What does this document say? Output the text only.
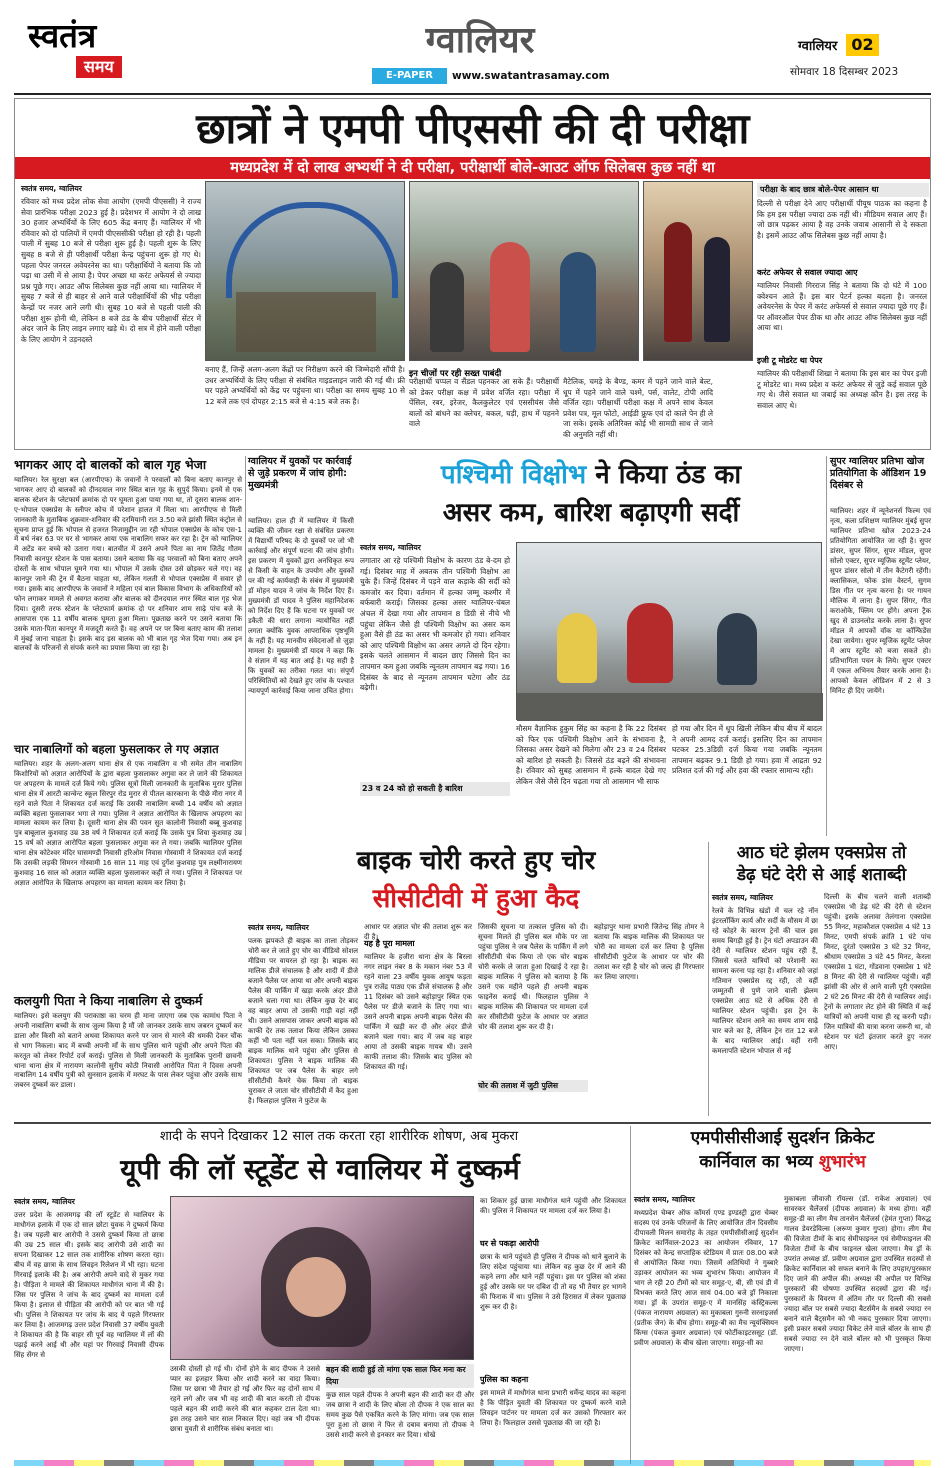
स्वतंत्र
समय
ग्वालियर
E-PAPER	www.swatantrasamay.com
ग्वालियर 02
सोमवार 18 दिसम्बर 2023
छात्रों ने एमपी पीएससी की दी परीक्षा
मध्यप्रदेश में दो लाख अभ्यर्थी ने दी परीक्षा, परीक्षार्थी बोले-आउट ऑफ सिलेबस कुछ नहीं था
स्वतंत्र समय, ग्वालियर
रविवार को मध्य प्रदेश लोक सेवा आयोग (एमपी पीएससी) ने राज्य सेवा प्रारंभिक परीक्षा 2023 हुई है। प्रदेशभर में आयोग ने दो लाख 30 हजार अभ्यर्थियों के लिए 605 केंद्र बनाए हैं। ग्वालियर में भी रविवार को दो पालियों में एमपी पीएससीकी परीक्षा हो रही है। पहली पाली में सुबह 10 बजे से परीक्षा शुरू हुई है। पहली शुरू के लिए सुबह 8 बजे से ही परीक्षार्थी परीक्षा केन्द्र पहुंचना शुरू हो गए थे। पहला पेपर जनरल अवेयरनेस का था। परीक्षार्थियों ने बताया कि जो पढ़ा था उसी में से आया है। पेपर अच्छा था करंट अफेयर्स से ज्यादा प्रश्न पूछे गए। आउट ऑफ सिलेबस कुछ नहीं आया था। ग्वालियर में सुबह 7 बजे से ही बाहर से आने वाले परीक्षार्थियों की भीड़ परीक्षा केन्द्रों पर नजर आने लगी थी। सुबह 10 बजे से पहली पाली की परीक्षा शुरू होनी थी, लेकिन 8 बजे ठंड के बीच परीक्षार्थी सेंटर में अंदर जाने के लिए लाइन लगाए खड़े थे। दो सत्र में होने वाली परीक्षा के लिए आयोग ने उड़नदस्ते
बनाए हैं, जिन्हें अलग-अलग केंद्रों पर निरीक्षण करने की जिम्मेदारी सौंपी है। उधर अभ्यर्थियों के लिए परीक्षा से संबंधित गाइडलाइन जारी की गई थी। फ्री घर पहले अभ्यर्थियों को केंद्र पर पहुंचना था। परीक्षा का समय सुबह 10 से 12 बजे तक एवं दोपहर 2:15 बजे से 4:15 बजे तक है।
इन चीजों पर रही सख्त पाबंदी
परीक्षार्थी चप्पल व सैंडल पहनकर आ सके हैं। परीक्षार्थी को डेकर परीक्षा कक्ष में प्रवेश वर्जित रहा। परीक्षा में पेंसिल, रबर, इरेजर, कैलकुलेटर एवं एससीयंस जैसे बालों को बांधने का क्लेचर, बकल, घड़ी, हाथ में पहनने वाले
मैटेलिक, चमड़े के बैण्ड, कमर में पहने जाने वाले बेल्ट, धूप में पहने जाने वाले चश्मे, पर्स, वालेट, टोपी आदि वर्जित रहा। परीक्षार्थी परीक्षा कक्ष में अपने साथ केवल प्रवेश पत्र, मूल फोटो, आईडी फ़्रूफ एवं दो काले पेन ही ले जा सके। इसके अतिरिक्त कोई भी सामग्री साथ ले जाने की अनुमति नहीं थी।
परीक्षा के बाद छात्र बोले-पेपर आसान था
दिल्ली से परीक्षा देने आए परीक्षार्थी पीयूष पाठक का कहना है कि हम इस परीक्षा ज्यादा ठक नहीं थी। मीडियम सवाल आए हैं। जो छात्र पढ़कर आया है वह उनके जवाब आसानी से दे सकता है। इसमें आउट ऑफ सिलेबस कुछ नहीं आया है।
करंट अफेयर से सवाल ज्यादा आए
ग्वालियर निवासी गिरराज सिंह ने बताया कि दो घंटे में 100 क्वेश्चन आते हैं। इस बार पेटर्न हल्का बदला है। जनरल अवेयरनेस के पेपर में करंट अफेयर्स से सवाल ज्यादा पूछे गए हैं। पर ऑवरऑल पेपर ठीक था और आउट ऑफ सिलेबस कुछ नहीं आया था।
इजी टू मोडरेट था पेपर
ग्वालियर की परीक्षार्थी शिखा ने बताया कि इस बार का पेपर इजी टू मोडरेट था। मध्य प्रदेश व करंट अफेयर से जुड़े कई सवाल पूछे गए थे। जैसे सवाल था जबाई का अध्यक्ष कौन है। इस तरह के सवाल आए थे।
भागकर आए दो बालकों को बाल गृह भेजा
ग्वालियर। रेल सुरक्षा बल (आरपीएफ) के जवानों ने परवालों को बिना बताए कानपुर से भागकर आए दो बालकों को दीनदयाल नगर स्थित बाल गृह के सुपुर्द किया। इनमें से एक बालक स्टेशन के प्लेटफार्म क्रमांक दो पर घूमता हुआ पाया गया था, तो दूसरा बालक शान-ए-भोपाल एक्सप्रेस के स्लीपर कोच में परेशान हालत में मिला था। आरपीएफ से मिली जानकारी के मुताबिक शुक्रवार-शनिवार की दरमियानी रात 3.50 बजे झांसी स्थित कंट्रोल से सूचना प्राप्त हुई कि भोपाल से हजरत निजामुद्दीन जा रही भोपाल एक्सप्रेस के कोच एस-1 में बर्थ नंबर 63 पर घर से भागकर आया एक नाबालिग सफर कर रहा है। ट्रेन को ग्वालियर में अटेंड कर बच्चे को उतारा गया। बातचीत में उसने अपने पिता का नाम जितेंद्र गौतम निवासी कानपुर स्टेशन के पास बताया। उसने बताया कि वह परवालों को बिना बताए अपने दोस्तों के साथ भोपाल घूमने गया था। भोपाल में उसके दोस्त उसे छोड़कर चले गए। वह कानपुर जाने की ट्रेन में बैठना चाहता था, लेकिन गलती से भोपाल एक्सप्रेस में सवार हो गया। इसके बाद आरपीएफ के जवानों ने महिला एवं बाल विकास विभाग के अधिकारियों को फोन लगाकर मामले से अवगत कराया और बालक को दीनदयाल नगर स्थित बाल गृह भेज दिया। दूसरी तरफ स्टेशन के प्लेटफार्म क्रमांक दो पर शनिवार शाम साढ़े पांच बजे के आसपास एक 11 वर्षीय बालक घूमता हुआ मिला। पूछताछ करने पर उसने बताया कि उसके माता-पिता कानपुर में मजदूरी करते हैं। वह अपने पर पर बिना बताए काम की तलाश में मुंबई जाना चाहता है। इसके बाद इस बालक को भी बाल गृह भेज दिया गया। अब इन बालकों के परिजनों से संपर्क करने का प्रयास किया जा रहा है।
चार नाबालिगों को बहला फुसलाकर ले गए अज्ञात
ग्वालियर। शहर के अलग-अलग थाना क्षेत्र से एक नाबालिग व भी समेत तीन नाबालिग किशोरियों को अज्ञात आरोपियों के द्वारा बहला फुसलाकर अगुवा कर ले जाने की शिकायत पर अपहरण के मामले दर्ज किये गये। पुलिस सूत्रों मिली जानकारी के मुताबिक मुरार पुलिस थाना क्षेत्र में आरटी कान्वेन्ट स्कूल सिरपुर रोड मुरार से पीतल कारकाना के पीछे मीरा नगर में रहने वाले पिता ने शिकायत दर्ज कराई कि उसकी नाबालिग बच्ची 14 वर्षीय को अज्ञात व्यक्ति बहला फुसलाकर भगा ले गया। पुलिस ने अज्ञात आरोपित के खिलाफ अपहरण का मामला कायम कर लिया है। दूसरी थाना क्षेत्र की पवन सुत कालोनी निवासी बब्बू कुशवाह पुत्र बाबूलाल कुशवाह उम्र 38 वर्ष ने शिकायत दर्ज कराई कि उसके पुत्र शिवा कुशवाह उम्र 15 वर्ष को अज्ञात आरोपित बहला फुसलाकर अगुवा कर ले गया। जबकि ग्वालियर पुलिस थाना क्षेत्र कोटेश्वर मंदिर घासमण्डी निवासी हरिओम निवास गोस्वामी ने शिकायत दर्ज कराई कि उसकी लड़की सिमरन गोस्वामी 16 साल 11 माह एवं दुर्गेश कुशवाह पुत्र लक्ष्मीनारायण कुशवाह 16 साल को अज्ञात व्यक्ति बहला फुसलाकर कहीं ले गया। पुलिस ने शिकायत पर अज्ञात आरोपित के खिलाफ अपहरण का मामला कायम कर लिया है।
कलयुगी पिता ने किया नाबालिग से दुष्कर्म
ग्वालियर। इसे कलयुग की पराकाष्ठा का चरम ही माना जाएगा जब एक कामांध पिता ने अपनी नाबालिग बच्ची के साथ जुल्म किया है मौं जो जानकर उसके साथ जबरन दुष्कर्म कर डाला और किसी को बताने अथवा शिकायत करने पर जान से मारने की धमकी देकर चौंक से भाग निकला। बाद में बच्ची अपनी माँ के साथ पुलिस थाने पहुंची और अपने पिता की करतूत को लेकर रिपोर्ट दर्ज कराई। पुलिस से मिली जानकारी के मुताबिक पुरानी छावनी थाना थाना क्षेत्र में नारायण कालोनी सुरीय कोठी निवासी आरोपित पिता ने दिवस अपनी नाबालिग 14 वर्षीय पुत्री को सुनसान इलाके में मरघट के पास लेकर पहुंचा और उसके साथ जबरन दुष्कर्म कर डाला।
ग्वालियर में युवकों पर कार्रवाई से जुड़े प्रकरण में जांच होगी: मुख्यमंत्री
ग्वालियर। हाल ही में ग्वालियर में किसी व्यक्ति की जीवन रक्षा से संबंधित प्रकरण में विद्यार्थी परिषद के दो युवकों पर जो भी कार्रवाई और संपूर्ण घटना की जांच होगी। इस प्रकरण में युवकों द्वारा अनधिकृत रूप से किसी के वाहन के उपयोग और युवकों पर की गई कार्यवाही के संबंध में मुख्यमंत्री डॉ मोहन यादव ने जांच के निर्देश दिए हैं। मुख्यमंत्री डॉ यादव ने पुलिस महानिदेशक को निर्देश दिए हैं कि घटना पर युवकों पर डकैती की धारा लगाना न्यायोचित नहीं लगता क्योंकि युवक आपराधिक पृष्ठभूमि के नहीं हैं। यह मानवीय संवेदनाओं से जुड़ा मामला है। मुख्यमंत्री डॉ यादव ने कहा कि वे संज्ञान में यह बात आई है। यह सही है कि युवकों का तरीका गलत था। संपूर्ण परिस्थितियों को देखते हुए जांच के पश्चात न्यायपूर्ण कार्रवाई किया जाना उचित होगा।
पश्चिमी विक्षोभ ने किया ठंड का
असर कम, बारिश बढ़ाएगी सर्दी
स्वतंत्र समय, ग्वालियर
लगातार आ रहे पश्चिमी विक्षोभ के कारण ठंड बे-दम हो गई। दिसंबर माह में अबतक तीन पश्चिमी विक्षोभ आ चुके हैं। जिन्हें दिसंबर में पड़ने वाल कड़ाके की सर्दी को कमजोर कर दिया। वर्तमान में हल्का जम्मू कश्मीर में बर्फबारी कराई। जिसका हल्का असर ग्वालियर-चंबल अंचल में देखा गया और तापमान 8 डिग्री से नीचे भी पहुंचा लेकिन जैसे ही पश्चिमी विक्षोभ का असर कम हुआ वैसे ही ठंड का असर भी कमजोर हो गया। शनिवार को आए पश्चिमी विक्षोभ का असर अगले दो दिन रहेगा। इसके चलते आसमान में बादल छाए जिससे दिन का तापमान कम हुआ जबकि न्यूनतम तापमान बढ़ गया। 16 दिसंबर के बाद से न्यूनतम तापमान घटेगा और ठंड बढ़ेगी।
23 व 24 को हो सकती है बारिश
मौसम वैज्ञानिक हुकुम सिंह का कहना है कि 22 दिसंबर को फिर एक पश्चिमी विक्षोभ आने के संभावना है, जिसका असर देखने को मिलेगा और 23 व 24 दिसंबर को बारिश हो सकती है। जिससे ठंड बढ़ने की संभावना है। रविवार को सुबह आसमान में हल्के बादल देखे गए लेकिन जैसे जैसे दिन चढ़ता गया तो आसमान भी साफ
हो गया और दिन में धूप खिली लेकिन बीच बीच में बादल ने अपनी आमद दर्ज कराई। इसलिए दिन का तापमान घटकर 25.3डिग्री दर्ज किया गया जबकि न्यूनतम तापमान बढ़कर 9.1 डिग्री हो गया। हवा में आद्रता 92 प्रतिशत दर्ज की गई और हवा की रफ्तार सामान्य रही।
सुपर ग्वालियर प्रतिभा खोज प्रतियोगिता के ऑडिशन 19 दिसंबर से
ग्वालियर। शहर में न्यूनेशनर्स फिल्म एवं नृत्य, कला प्रशिक्षण ग्वालियर मुंबई सुपर ग्वालियर प्रतिभा खोज 2023-24 प्रतियोगिता आयोजित जा रही है। सुपर डांसर, सुपर सिंगर, सुपर मॉडल, सुपर सोलो एक्टर, सुपर म्यूजिक स्टूमेंट प्लेयर, सुपर डांसर सोलो में तीन कैटेगरी रहेंगी। क्लासिकल, फोक डांस वेस्टर्न, सुगम डिस गीत पर नृत्य करना है। पर गायन मौलिक में लाना है। सुपर सिंगर, गीत कराओके, फ्लिम पर होंगे। अपना ट्रैक खुद से डाउनलोड करके लाना है। सुपर मॉडल में आपकों वॉक या कॉन्फिडेंस देखा जायेगा। सुपर म्यूजिक स्टूमेंट प्लेयर में आप स्टूमेंट को बजा सकते हो। प्रतिभागिता पचन के लिये। सुपर एक्टर में एकल अभिनय तैयार करके आना है। आपको केवल ऑडिशन में 2 से 3 मिनिट ही दिए जायेंगे।
बाइक चोरी करते हुए चोर
सीसीटीवी में हुआ कैद
स्वतंत्र समय, ग्वालियर
पलक झपकते ही बाइक का ताला तोड़कर चोरी कर ले जाते हुए चोर का वीडियो सोशल मीडिया पर वायरल हो रहा है। बाइक का मालिक डीजे संचालक है और शादी में डीजे बजाने पैलेस पर आया था और अपनी बाइक पैलेस की पार्किंग में खड़ा करके अंदर डीजे बजाने चला गया था। लेकिन कुछ देर बाद वह बाहर आया तो उसकी गाड़ी वहां नहीं थी। उसने आसपास जाकर अपनी बाइक को काफी देर तक तलाश किया लेकिन उसका कहीं भी पता नहीं चल सका। जिसके बाद बाइक मालिक थाने पहुंचा और पुलिस से शिकायत। पुलिस ने बाइक मालिक की शिकायत पर जब पैलेस के बाहर लगे सीसीटीवी कैमरे चेक किया तो बाइक चुराकर ले जाता चोर सीसीटीवी में कैद हुआ है। फिलहाल पुलिस ने फुटेज के
आधार पर अज्ञात चोर की तलाश शुरू कर दी है।
यह है पूरा मामला
ग्वालियर के हजीरा थाना क्षेत्र के बिरला नगर लाइन नंबर 8 के मकान नंबर 53 में रहने वाला 23 वर्षीय युवक आयुष फड़ता पुत्र राजेंद्र पाठ्य एक डीजे संचालक है और 11 दिसंबर को उसने बहोड़ापुर स्थित एक पैलेस पर डीजे बजाने के लिए गया था। उसने अपनी बाइक अपनी बाइक पैलेस की पार्किंग में खड़ी कर दी और अंदर डीजे बजाने चला गया। बाद में जब वह बाहर आया तो उसकी बाइक गायब थी। उसने काफी तलाश की। जिसके बाद पुलिस को शिकायत की गई।
जिसकी सूचना या तत्काल पुलिस को दी। सूचना मिलते ही पुलिस बल मौके पर जा पहुंचा पुलिस ने जब पैलेस के पार्किंग में लगे सीसीटीवी चेक किया तो एक चोर बाइक चोरी करके ले जाता हुआ दिखाई दे रहा है। बाइक मालिक ने पुलिस को बताया है कि उसने एक महीने पहले ही अपनी बाइक फाइनेंस कराई थी। फिलहाल पुलिस ने बाइक मालिक की शिकायत पर मामला दर्ज कर सीसीटीवी फुटेज के आधार पर अज्ञात चोर की तलाश शुरू कर दी है।
चोर की तलाश में जुटी पुलिस
बहोड़ापुर थाना प्रभारी जितेन्द्र सिंह तोमर ने बताया कि बाइक मालिक की शिकायत पर चोरी का मामला दर्ज कर लिया है पुलिस सीसीटीवी फुटेज के आधार पर चोर की तलाश कर रही है चोर को जल्द ही गिरफ्तार कर लिया जाएगा।
आठ घंटे झेलम एक्सप्रेस तो
डेढ़ घंटे देरी से आई शताब्दी
स्वतंत्र समय, ग्वालियर
रेलवे के विभिन्न खंडों में चल रहे नॉन इंटरलॉकिंग कार्य और सर्दी के मौसम में छा रहे कोहरे के कारण ट्रेनों की चाल इस समय बिगड़ी हुई है। ट्रेन घंटों अपडाउन की देरी से ग्वालियर स्टेशन पहुंच रही हैं, जिससे चलते यात्रियों को परेशानी का सामना करना पड़ रहा है। शनिवार को जहां गतिमान एक्सप्रेस रद्द रही, तो वहीं जम्मूतवी से पुणे जाने वाली झेलम एक्सप्रेस आठ घंटे से अधिक देरी से ग्वालियर स्टेशन पहुंची। इस ट्रेन के ग्वालियर स्टेशन आने का समय शाम साढ़े चार बजे का है, लेकिन ट्रेन रात 12 बजे के बाद ग्वालियर आई। वहीं रानी कमलापति स्टेशन भोपाल से नई
दिल्ली के बीच चलने वाली शताब्दी एक्सप्रेस भी डेढ़ घंटे की देरी से स्टेशन पहुंची। इसके अलावा तेलंगाना एक्सप्रेस 55 मिनट, महाकौशल एक्सप्रेस 4 घंटे 13 मिनट, एमपी संपर्क क्रांति 1 घंटे पांच मिनट, दुरंतो एक्सप्रेस 3 घंटे 32 मिनट, श्रीधाम एक्सप्रेस 3 घंटे 45 मिनट, केरला एक्सप्रेस 1 घंटा, गोंडवाना एक्सप्रेस 1 घंटे 8 मिनट की देरी से ग्वालियर पहुंची। वहीं झांसी की ओर से आने वाली पूरी एक्सप्रेस 2 घंटे 26 मिनट की देरी से ग्वालियर आई। ट्रेनों के लगातार लेट होने की स्थिति में कई यात्रियों को अपनी यात्रा ही रद्द करनी पड़ी। जिन यात्रियों की यात्रा करना जरूरी था, वो स्टेशन पर घंटों इंतजार करते हुए नजर आए।
शादी के सपने दिखाकर 12 साल तक करता रहा शारीरिक शोषण, अब मुकरा
यूपी की लॉ स्टूडेंट से ग्वालियर में दुष्कर्म
स्वतंत्र समय, ग्वालियर
उत्तर प्रदेश के आजमगढ़ की लॉ स्टूडेंट से ग्वालियर के माधौगंज इलाके में एक दो साल छोटा युवक ने दुष्कर्म किया है। जब पहली बार आरोपी ने उससे दुष्कर्म किया तो छात्रा की उम्र 25 साल थी। इसके बाद आरोपी उसे शादी का सपना दिखाकर 12 साल तक शारीरिक शोषण करता रहा। बीच में वह छात्रा के साथ लिवइन रिलेशन में भी रहा। घटना गिरवाई इलाके की है। अब आरोपी अपने वादे से मुकर गया है। पीड़िता ने मामले की शिकायत माधौगंज थाना में की है। जिस पर पुलिस ने जांच के बाद दुष्कर्म का मामला दर्ज किया है। इलाज से पीड़िता की आरोपी को पर बात भी गई थी। पुलिस ने शिकायत पर जांच के बाद ये पहले गिरफ्तार कर लिया है। आजमगढ़ उत्तर प्रदेश निवासी 37 वर्षीय युवती ने शिकायत की है कि बाहर सी पूर्व वह ग्वालियर में लॉ की पढ़ाई करने आई थी और यहां पर गिरवाई निवासी दीपक सिंह सेंगर से
उसकी दोस्ती हो गई थी। दोनों होने के बाद दीपक ने उससे प्यार का इजहार किया और शादी करने का वादा किया। जिस पर छात्रा भी तैयार हो गई और फिर वह दोनों साथ में रहने लगे और जब भी वह शादी की बात करती तो दीपक पहले बहन की शादी करने की बात कहकर टाल देता था। इस तरह उसने चार साल निकाल दिए। वहां जब भी दीपक छात्रा युवती से शारीरिक संबंध बनाता था।
बहन की शादी हुई तो मांगा एक साल फिर मना कर दिया
कुछ साल पहले दीपक ने अपनी बहन की शादी कर दी और जब छात्रा ने शादी के लिए बोला तो दीपक ने एक साल का समय कुछ पैसे एकत्रित करने के लिए मांगा। जब एक साल पूरा हुआ तो छात्रा ने फिर से दबाव बनाया तो दीपक ने उससे शादी करने से इनकार कर दिया। धोखे
का शिकार हुई छात्रा माधौगंज थाने पहुंची और शिकायत की। पुलिस ने शिकायत पर मामला दर्ज कर लिया है।
घर से पकड़ा आरोपी
छात्रा के थाने पहुंचते ही पुलिस ने दीपक को थाने बुलाने के लिए संदेश पहुंचाया था। लेकिन वह कुछ देर में आने की कहने लगा और थाने नहीं पहुंचा। इस पर पुलिस को शंका हुई और उसके घर पर दबिश दी तो वह भी तैयार हर भागने की फिराक में था। पुलिस ने उसे हिरासत में लेकर पूछताछ शुरू कर दी है।
पुलिस का कहना
इस मामले में माधौगंज थाना प्रभारी धर्मेन्द्र यादव का कहना है कि पीड़ित युवती की शिकायत पर दुष्कर्म करने वाले लिवइन पार्टनर पर मामला दर्ज कर उसको गिरफ्तार कर लिया है। फिलहाल उससे पूछताछ की जा रही है।
एमपीसीसीआई सुदर्शन क्रिकेट
कार्निवाल का भव्य शुभारंभ
स्वतंत्र समय, ग्वालियर
मध्यप्रदेश चेम्बर ऑफ कॉमर्स एण्ड इण्डस्ट्री द्वारा चेम्बर सदस्य एवं उनके परिजनों के लिए आयोजित तीन दिवसीय दीपावली मिलन समारोह के तहत एमपीसीसीआई सुदर्शन क्रिकेट कार्निवाल-2023 का आयोजन रविवार, 17 दिसंबर को केन्द्र सप्ताहिक स्टेडियम में प्रातः 08.00 बजे से आयोजित किया गया। जिसमें अतिथियों ने गुब्बारे उड़ाकर आयोजन का भव्य शुभारंभ किया। आयोजन में भाग ले रही 20 टीमों को चार समूह-ए, बी, सी एवं डी में विभक्त करते लिए आज सायं 04.00 बजे ड्रॉ निकाला गया। ड्रॉ के उपरांत समूह-ए में मानसिंह कंस्ट्रिकल्स (पंकज नारायण अग्रवाल) का मुकाबला गुरुनी सरनाइजर्स (प्रतीक जैन) के बीच होगा। समूह-बी का मैच न्यूयंक्सियन किंग्स (पंकज कुमार अग्रवाल) एवं फोर्टीकाइटससूट (डॉ. प्रवीण अग्रवाल) के बीच खेला जाएगा। समूह-सी का
मुकाबला जीवाजी रॉयल्स (डॉ. राकेश अग्रवाल) एवं सावरकर चैलेंजर्स (दीपक अग्रवाल) के मध्य होगा। वहीं समूह-डी का लीग मैच तानसेन चैलेंजर्स (हेमंत गुप्ता) विरुद्ध गालव डेयरडेविल्स (अरूण कुमार गुप्ता) होगा। लीग मैच की विजेता टीमों के बाद सेमीफाइनल एवं सेमीफाइनल की विजेता टीमों के बीच फाइनल खेला जाएगा। मैच ड्रॉ के उपरांत अध्यक्ष डॉ. प्रवीण अग्रवाल द्वारा उपस्थित सदस्यों से क्रिकेट कार्निवाल को सफल बनाने के लिए उपहार/पुरस्कार दिए जाने की अपील की। अध्यक्ष की अपील पर विभिन्न पुरस्कारों की घोषणा उपस्थित सदस्यों द्वारा की गई। पुरस्कारों के विवरण में अंतिम तौर पर दिल्ली की सबसे ज्यादा बॉल पर सबसे ज्यादा बैटर्समैन के सबसे ज्यादा रन बनाने वाले बैट्समैन को भी नकद पुरस्कार दिया जाएगा। इसी प्रकार सबसे ज्यादा विकेट लेने वाले बॉलर के साथ ही सबसे ज्यादा रन देने वाले बॉलर को भी पुरस्कृत किया जाएगा।
